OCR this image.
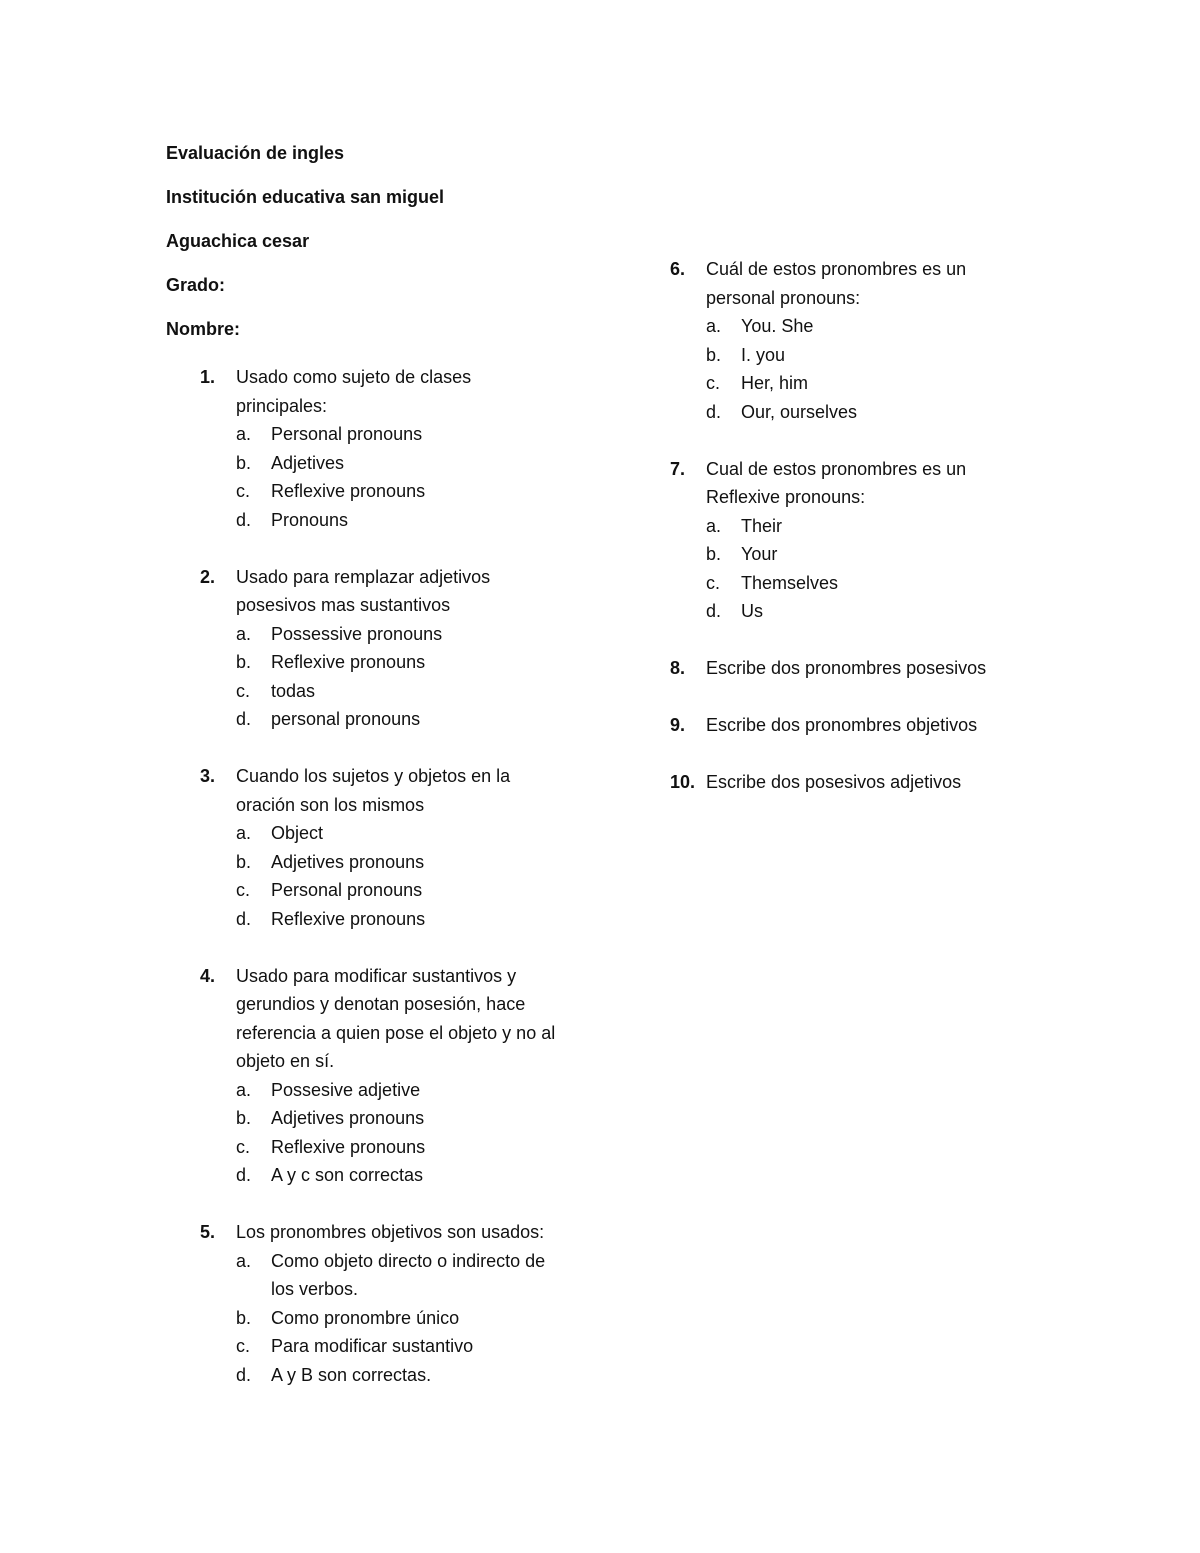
Evaluación de ingles
Institución educativa san miguel
Aguachica cesar
Grado:
Nombre:
1.	Usado como sujeto de clases principales:
a.	Personal pronouns
b.	Adjetives
c.	Reflexive pronouns
d.	Pronouns
2.	Usado para remplazar adjetivos posesivos mas sustantivos
a.	Possessive pronouns
b.	Reflexive pronouns
c.	todas
d.	personal pronouns
3.	Cuando los sujetos y objetos en la oración son los mismos
a.	Object
b.	Adjetives pronouns
c.	Personal pronouns
d.	Reflexive pronouns
4.	Usado para modificar sustantivos y gerundios y denotan posesión, hace referencia a quien pose el objeto y no al objeto en sí.
a.	Possesive adjetive
b.	Adjetives pronouns
c.	Reflexive pronouns
d.	A y c son correctas
5.	Los pronombres objetivos son usados:
a.	Como objeto directo o indirecto de los verbos.
b.	Como pronombre único
c.	Para modificar sustantivo
d.	A y B son correctas.
6.	Cuál de estos pronombres es un personal pronouns:
a.	You. She
b.	I. you
c.	Her, him
d.	Our, ourselves
7.	Cual de estos pronombres es un Reflexive pronouns:
a.	Their
b.	Your
c.	Themselves
d.	Us
8.	Escribe dos pronombres posesivos
9.	Escribe dos pronombres objetivos
10. Escribe dos posesivos adjetivos
